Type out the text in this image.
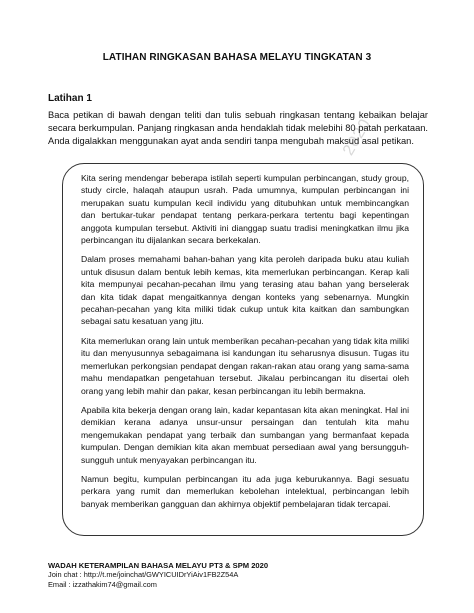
2020
LATIHAN RINGKASAN BAHASA MELAYU TINGKATAN 3
Latihan 1

Baca petikan di bawah dengan teliti dan tulis sebuah ringkasan tentang kebaikan belajar secara berkumpulan. Panjang ringkasan anda hendaklah tidak melebihi 80 patah perkataan. Anda digalakkan menggunakan ayat anda sendiri tanpa mengubah maksud asal petikan.

Kita sering mendengar beberapa istilah seperti kumpulan perbincangan, study group, study circle, halaqah ataupun usrah. Pada umumnya, kumpulan perbincangan ini merupakan suatu kumpulan kecil individu yang ditubuhkan untuk membincangkan dan bertukar-tukar pendapat tentang perkara-perkara tertentu bagi kepentingan anggota kumpulan tersebut. Aktiviti ini dianggap suatu tradisi meningkatkan ilmu jika perbincangan itu dijalankan secara berkekalan.

Dalam proses memahami bahan-bahan yang kita peroleh daripada buku atau kuliah untuk disusun dalam bentuk lebih kemas, kita memerlukan perbincangan. Kerap kali kita mempunyai pecahan-pecahan ilmu yang terasing atau bahan yang berselerak dan kita tidak dapat mengaitkannya dengan konteks yang sebenarnya. Mungkin pecahan-pecahan yang kita miliki tidak cukup untuk kita kaitkan dan sambungkan sebagai satu kesatuan yang jitu.

Kita memerlukan orang lain untuk memberikan pecahan-pecahan yang tidak kita miliki itu dan menyusunnya sebagaimana isi kandungan itu seharusnya disusun. Tugas itu memerlukan perkongsian pendapat dengan rakan-rakan atau orang yang sama-sama mahu mendapatkan pengetahuan tersebut. Jikalau perbincangan itu disertai oleh orang yang lebih mahir dan pakar, kesan perbincangan itu lebih bermakna.

Apabila kita bekerja dengan orang lain, kadar kepantasan kita akan meningkat. Hal ini demikian kerana adanya unsur-unsur persaingan dan tentulah kita mahu mengemukakan pendapat yang terbaik dan sumbangan yang bermanfaat kepada kumpulan. Dengan demikian kita akan membuat persediaan awal yang bersungguh-sungguh untuk menyayakan perbincangan itu.

Namun begitu, kumpulan perbincangan itu ada juga keburukannya. Bagi sesuatu perkara yang rumit dan memerlukan kebolehan intelektual, perbincangan lebih banyak memberikan gangguan dan akhirnya objektif pembelajaran tidak tercapai.

WADAH KETERAMPILAN BAHASA MELAYU PT3 & SPM 2020
Join chat : http://t.me/joinchat/GWYICUIDrYiAiv1FB2Z54A
Email : izzathakim74@gmail.com
